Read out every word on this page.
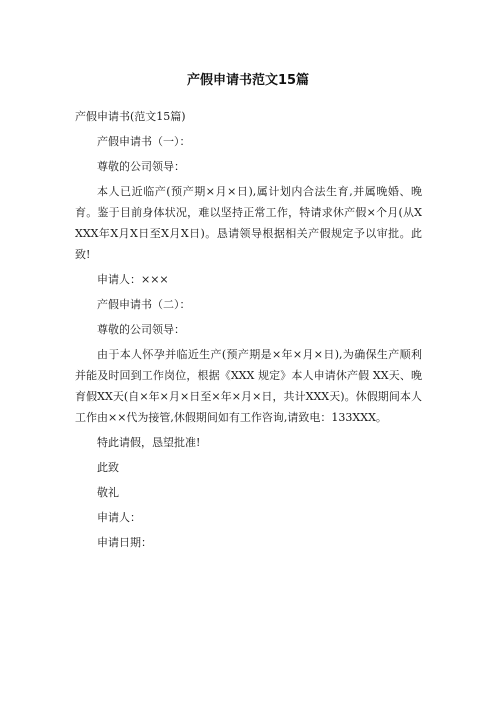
产假申请书范文15篇

产假申请书(范文15篇)

产假申请书（一）：

尊敬的公司领导：

本人已近临产(预产期×月×日),属计划内合法生育,并属晚婚、晚育。鉴于目前身体状况，难以坚持正常工作，特请求休产假×个月(从XXXX年X月X日至X月X日)。恳请领导根据相关产假规定予以审批。此致!

申请人：×××

产假申请书（二）：

尊敬的公司领导：

由于本人怀孕并临近生产(预产期是×年×月×日),为确保生产顺利并能及时回到工作岗位，根据《XXX 规定》本人申请休产假 XX天、晚育假XX天(自×年×月×日至×年×月×日，共计XXX天)。休假期间本人工作由××代为接管,休假期间如有工作咨询,请致电：133XXX。

特此请假，恳望批准!

此致

敬礼

申请人：

申请日期：
